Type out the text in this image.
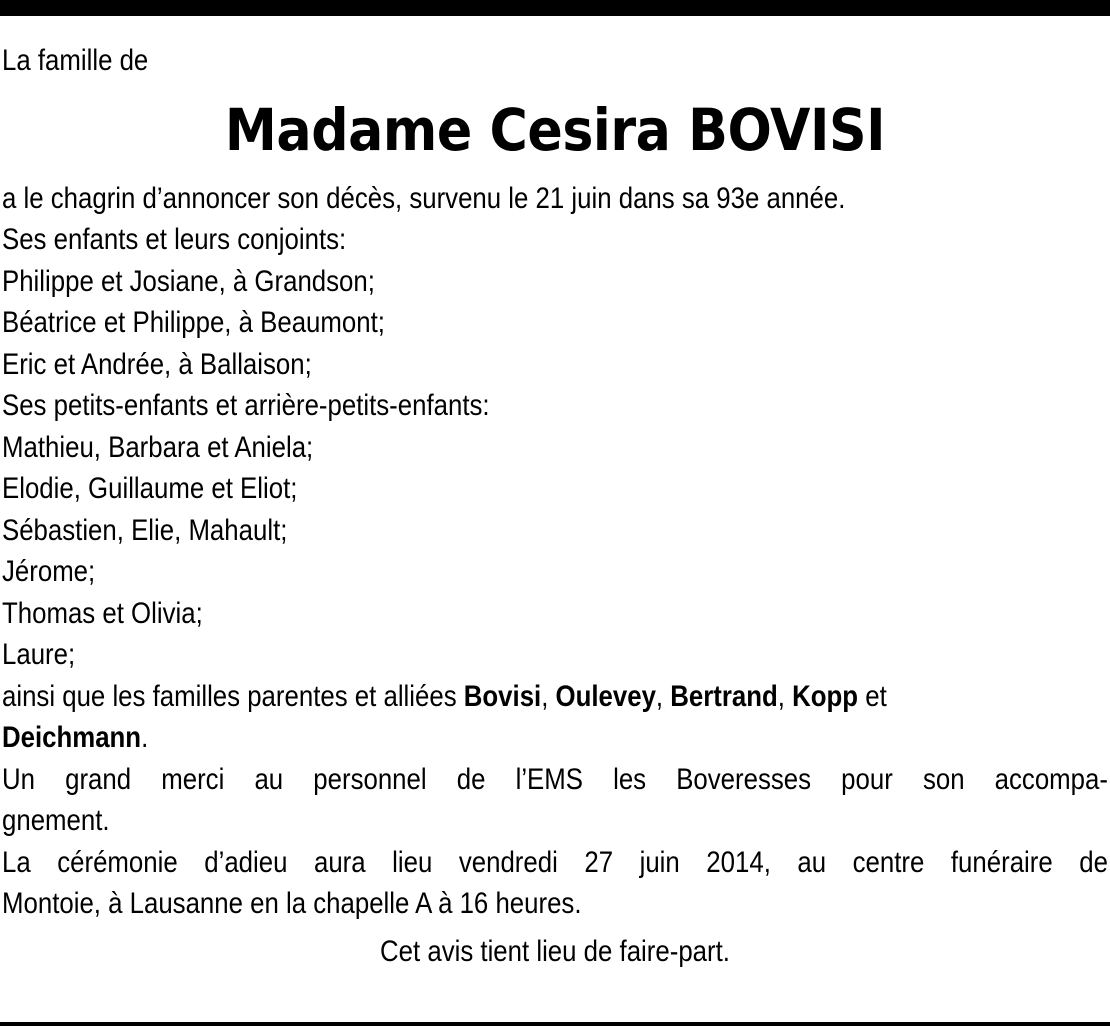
La famille de
Madame Cesira BOVISI
a le chagrin d’annoncer son décès, survenu le 21 juin dans sa 93e année.
Ses enfants et leurs conjoints:
Philippe et Josiane, à Grandson;
Béatrice et Philippe, à Beaumont;
Eric et Andrée, à Ballaison;
Ses petits-enfants et arrière-petits-enfants:
Mathieu, Barbara et Aniela;
Elodie, Guillaume et Eliot;
Sébastien, Elie, Mahault;
Jérome;
Thomas et Olivia;
Laure;
ainsi que les familles parentes et alliées Bovisi, Oulevey, Bertrand, Kopp et
Deichmann.
Un grand merci au personnel de l’EMS les Boveresses pour son accompa-
gnement.
La cérémonie d’adieu aura lieu vendredi 27 juin 2014, au centre funéraire de
Montoie, à Lausanne en la chapelle A à 16 heures.
Cet avis tient lieu de faire-part.
